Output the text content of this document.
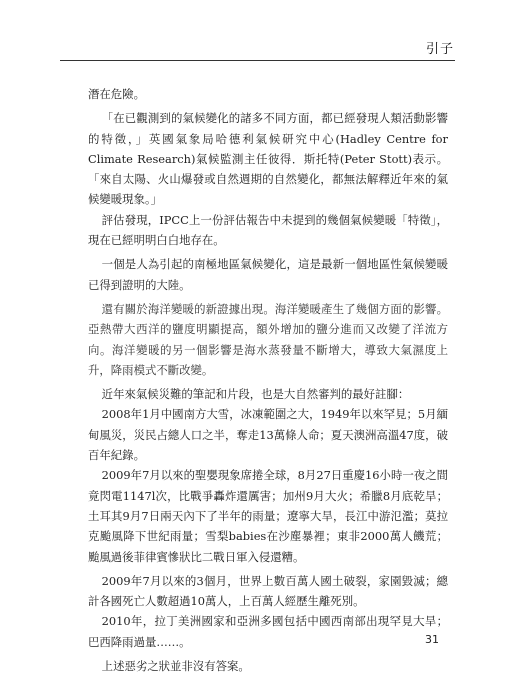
引子

潛在危險。

「在已觀測到的氣候變化的諸多不同方面，都已經發現人類活動影響的特徵，」英國氣象局哈德利氣候研究中心(Hadley Centre for Climate Research)氣候監測主任彼得．斯托特(Peter Stott)表示。「來自太陽、火山爆發或自然週期的自然變化，都無法解釋近年來的氣候變暖現象。」

評估發現，IPCC上一份評估報告中未提到的幾個氣候變暖「特徵」，現在已經明明白白地存在。

一個是人為引起的南極地區氣候變化，這是最新一個地區性氣候變暖已得到證明的大陸。

還有關於海洋變暖的新證據出現。海洋變暖產生了幾個方面的影響。亞熱帶大西洋的鹽度明顯提高，額外增加的鹽分進而又改變了洋流方向。海洋變暖的另一個影響是海水蒸發量不斷增大，導致大氣濕度上升，降雨模式不斷改變。

近年來氣候災難的筆記和片段，也是大自然審判的最好註腳：

2008年1月中國南方大雪，冰凍範圍之大，1949年以來罕見；5月緬甸風災，災民占總人口之半，奪走13萬條人命；夏天澳洲高溫47度，破百年紀錄。

2009年7月以來的聖嬰現象席捲全球，8月27日重慶16小時一夜之間竟閃電1147l次，比戰爭轟炸還厲害；加州9月大火；希臘8月底乾旱；土耳其9月7日兩天內下了半年的雨量；遼寧大旱，長江中游氾濫；莫拉克颱風降下世紀雨量；雪梨babies在沙塵暴裡；東非2000萬人饑荒；颱風過後菲律賓慘狀比二戰日軍入侵還糟。

2009年7月以來的3個月，世界上數百萬人國土破裂，家園毀滅；總計各國死亡人數超過10萬人，上百萬人經歷生離死別。

2010年，拉丁美洲國家和亞洲多國包括中國西南部出現罕見大旱；巴西降雨過量……。

上述惡劣之狀並非沒有答案。

31
